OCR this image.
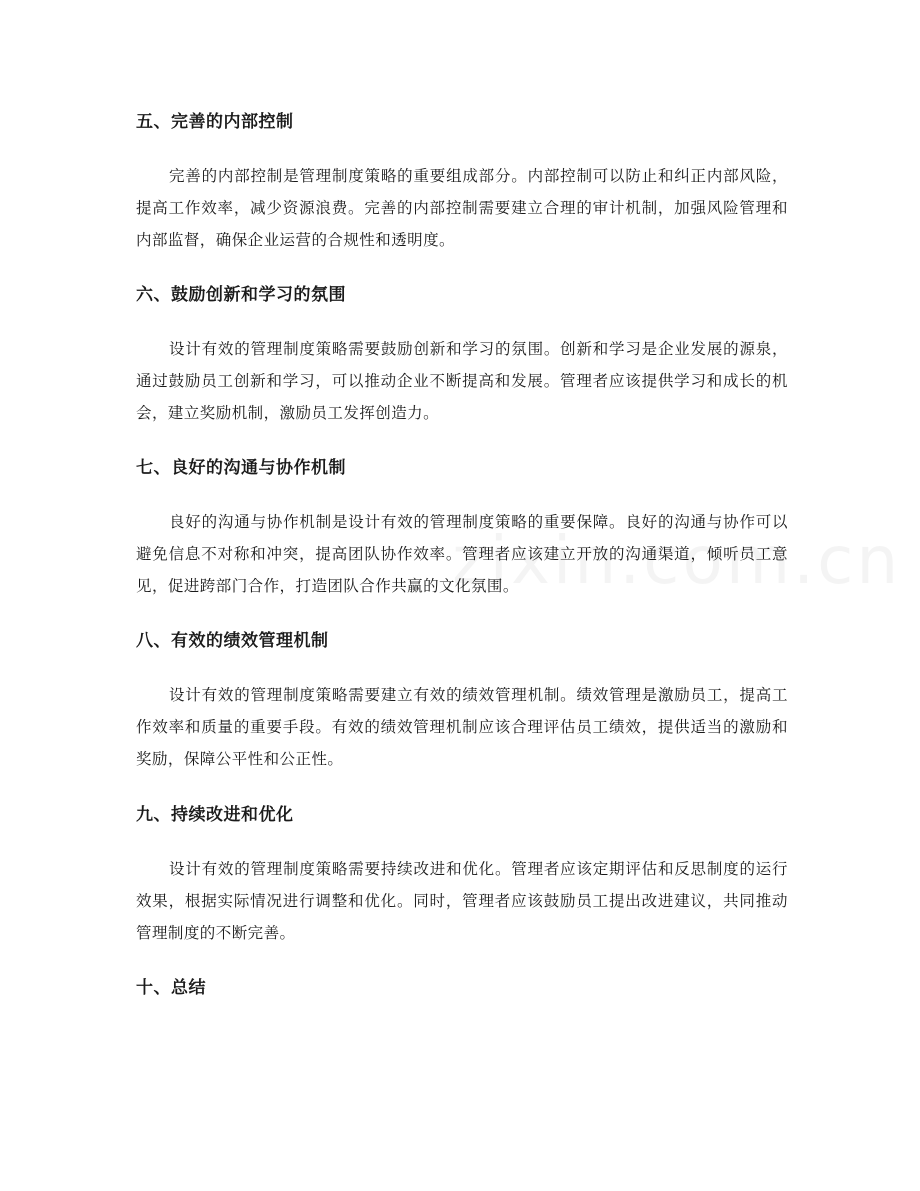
五、完善的内部控制

完善的内部控制是管理制度策略的重要组成部分。内部控制可以防止和纠正内部风险，提高工作效率，减少资源浪费。完善的内部控制需要建立合理的审计机制，加强风险管理和内部监督，确保企业运营的合规性和透明度。

六、鼓励创新和学习的氛围

设计有效的管理制度策略需要鼓励创新和学习的氛围。创新和学习是企业发展的源泉，通过鼓励员工创新和学习，可以推动企业不断提高和发展。管理者应该提供学习和成长的机会，建立奖励机制，激励员工发挥创造力。

七、良好的沟通与协作机制

良好的沟通与协作机制是设计有效的管理制度策略的重要保障。良好的沟通与协作可以避免信息不对称和冲突，提高团队协作效率。管理者应该建立开放的沟通渠道，倾听员工意见，促进跨部门合作，打造团队合作共赢的文化氛围。

八、有效的绩效管理机制

设计有效的管理制度策略需要建立有效的绩效管理机制。绩效管理是激励员工，提高工作效率和质量的重要手段。有效的绩效管理机制应该合理评估员工绩效，提供适当的激励和奖励，保障公平性和公正性。

九、持续改进和优化

设计有效的管理制度策略需要持续改进和优化。管理者应该定期评估和反思制度的运行效果，根据实际情况进行调整和优化。同时，管理者应该鼓励员工提出改进建议，共同推动管理制度的不断完善。

十、总结
